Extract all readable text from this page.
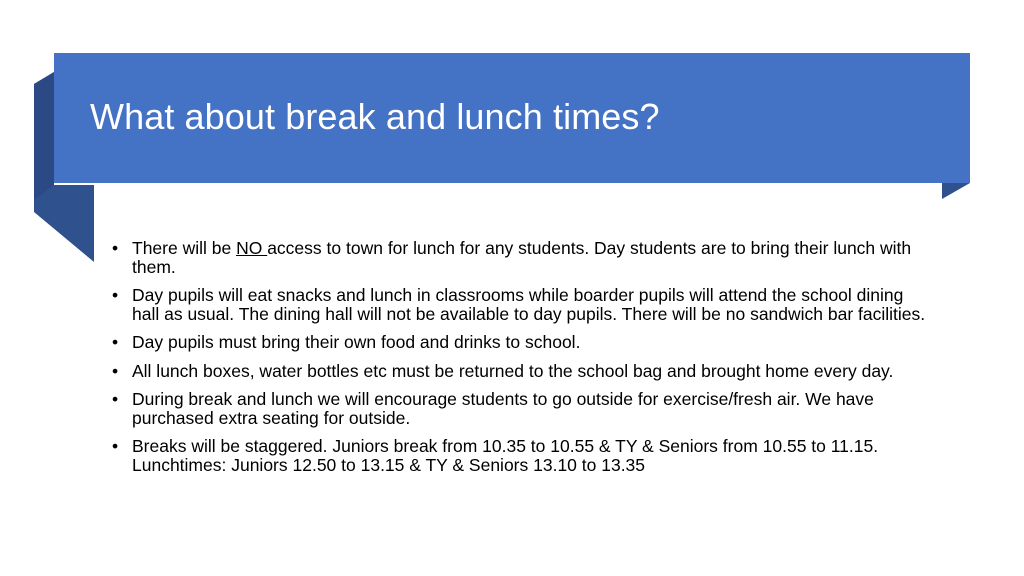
What about break and lunch times?
• There will be NO access to town for lunch for any students. Day students are to bring their lunch with them.
• Day pupils will eat snacks and lunch in classrooms while boarder pupils will attend the school dining hall as usual. The dining hall will not be available to day pupils. There will be no sandwich bar facilities.
• Day pupils must bring their own food and drinks to school.
• All lunch boxes, water bottles etc must be returned to the school bag and brought home every day.
• During break and lunch we will encourage students to go outside for exercise/fresh air. We have purchased extra seating for outside.
• Breaks will be staggered. Juniors break from 10.35 to 10.55 & TY & Seniors from 10.55 to 11.15. Lunchtimes: Juniors 12.50 to 13.15 & TY & Seniors 13.10 to 13.35
